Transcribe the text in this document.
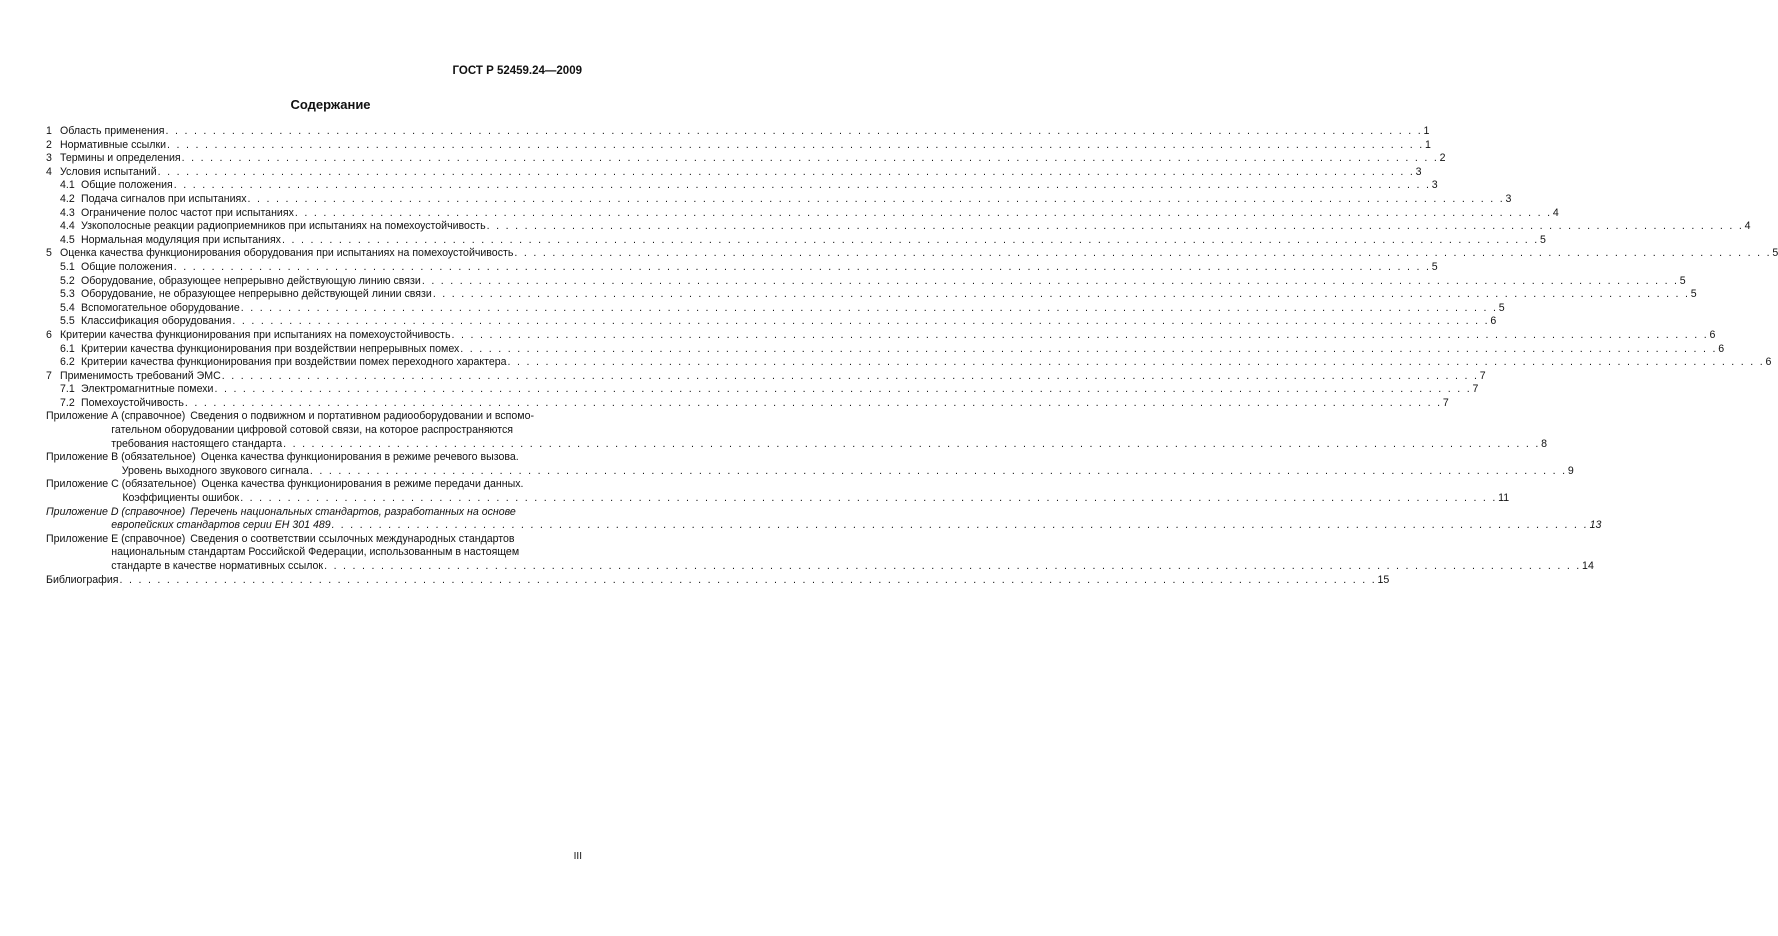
ГОСТ Р 52459.24—2009
Содержание
1 Область применения . . .	1
2 Нормативные ссылки . . .	1
3 Термины и определения . . .	2
4 Условия испытаний . . .	3
4.1 Общие положения . . .	3
4.2 Подача сигналов при испытаниях . . .	3
4.3 Ограничение полос частот при испытаниях . . .	4
4.4 Узкополосные реакции радиоприемников при испытаниях на помехоустойчивость . . .	4
4.5 Нормальная модуляция при испытаниях . . .	5
5 Оценка качества функционирования оборудования при испытаниях на помехоустойчивость . . .	5
5.1 Общие положения . . .	5
5.2 Оборудование, образующее непрерывно действующую линию связи . . .	5
5.3 Оборудование, не образующее непрерывно действующей линии связи . . .	5
5.4 Вспомогательное оборудование . . .	5
5.5 Классификация оборудования . . .	6
6 Критерии качества функционирования при испытаниях на помехоустойчивость . . .	6
6.1 Критерии качества функционирования при воздействии непрерывных помех . . .	6
6.2 Критерии качества функционирования при воздействии помех переходного характера . . .	6
7 Применимость требований ЭМС . . .	7
7.1 Электромагнитные помехи . . .	7
7.2 Помехоустойчивость . . .	7
Приложение А (справочное) Сведения о подвижном и портативном радиооборудовании и вспомо-
гательном оборудовании цифровой сотовой связи, на которое распространяются
требования настоящего стандарта . . .	8
Приложение В (обязательное) Оценка качества функционирования в режиме речевого вызова.
Уровень выходного звукового сигнала . . .	9
Приложение С (обязательное) Оценка качества функционирования в режиме передачи данных.
Коэффициенты ошибок . . .	11
Приложение D (справочное) Перечень национальных стандартов, разработанных на основе
европейских стандартов серии ЕН 301 489 . . .	13
Приложение Е (справочное) Сведения о соответствии ссылочных международных стандартов
национальным стандартам Российской Федерации, использованным в настоящем
стандарте в качестве нормативных ссылок . . .	14
Библиография . . .	15
III
